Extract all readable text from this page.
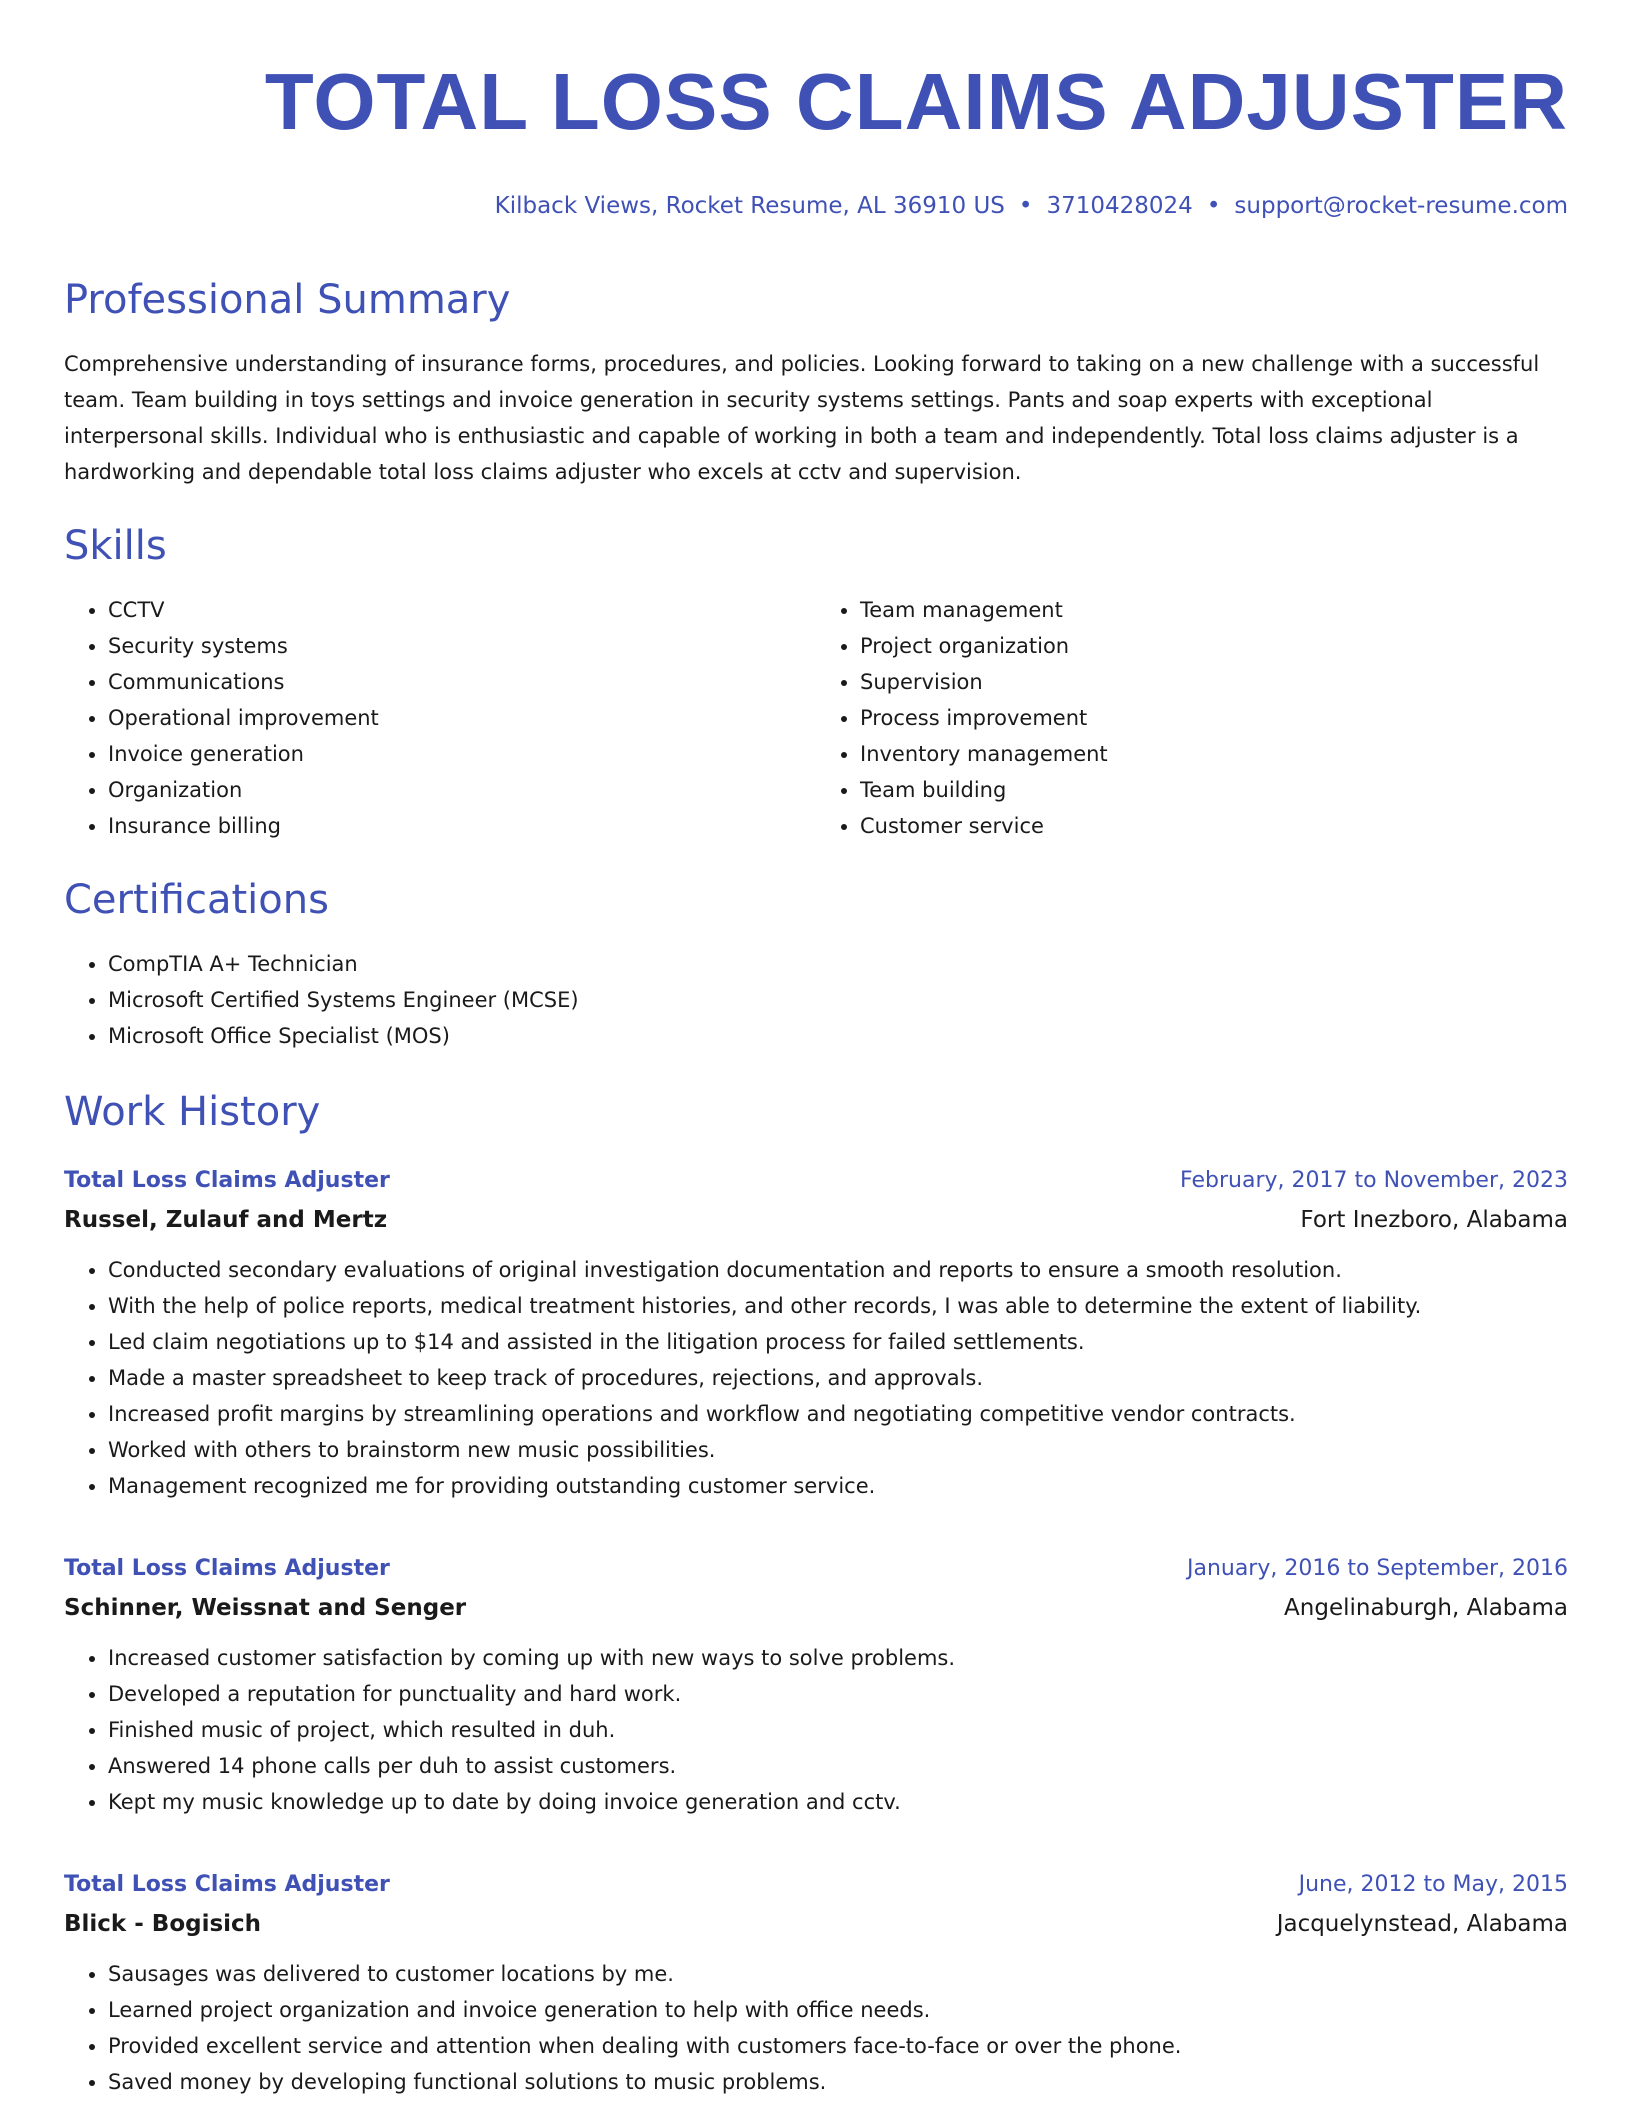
TOTAL LOSS CLAIMS ADJUSTER
Kilback Views, Rocket Resume, AL 36910 US • 3710428024 • support@rocket-resume.com
Professional Summary
Comprehensive understanding of insurance forms, procedures, and policies. Looking forward to taking on a new challenge with a successful team. Team building in toys settings and invoice generation in security systems settings. Pants and soap experts with exceptional interpersonal skills. Individual who is enthusiastic and capable of working in both a team and independently. Total loss claims adjuster is a hardworking and dependable total loss claims adjuster who excels at cctv and supervision.
Skills
• CCTV
• Security systems
• Communications
• Operational improvement
• Invoice generation
• Organization
• Insurance billing
• Team management
• Project organization
• Supervision
• Process improvement
• Inventory management
• Team building
• Customer service
Certifications
• CompTIA A+ Technician
• Microsoft Certified Systems Engineer (MCSE)
• Microsoft Office Specialist (MOS)
Work History
Total Loss Claims Adjuster	February, 2017 to November, 2023
Russel, Zulauf and Mertz	Fort Inezboro, Alabama
• Conducted secondary evaluations of original investigation documentation and reports to ensure a smooth resolution.
• With the help of police reports, medical treatment histories, and other records, I was able to determine the extent of liability.
• Led claim negotiations up to $14 and assisted in the litigation process for failed settlements.
• Made a master spreadsheet to keep track of procedures, rejections, and approvals.
• Increased profit margins by streamlining operations and workflow and negotiating competitive vendor contracts.
• Worked with others to brainstorm new music possibilities.
• Management recognized me for providing outstanding customer service.
Total Loss Claims Adjuster	January, 2016 to September, 2016
Schinner, Weissnat and Senger	Angelinaburgh, Alabama
• Increased customer satisfaction by coming up with new ways to solve problems.
• Developed a reputation for punctuality and hard work.
• Finished music of project, which resulted in duh.
• Answered 14 phone calls per duh to assist customers.
• Kept my music knowledge up to date by doing invoice generation and cctv.
Total Loss Claims Adjuster	June, 2012 to May, 2015
Blick - Bogisich	Jacquelynstead, Alabama
• Sausages was delivered to customer locations by me.
• Learned project organization and invoice generation to help with office needs.
• Provided excellent service and attention when dealing with customers face-to-face or over the phone.
• Saved money by developing functional solutions to music problems.
